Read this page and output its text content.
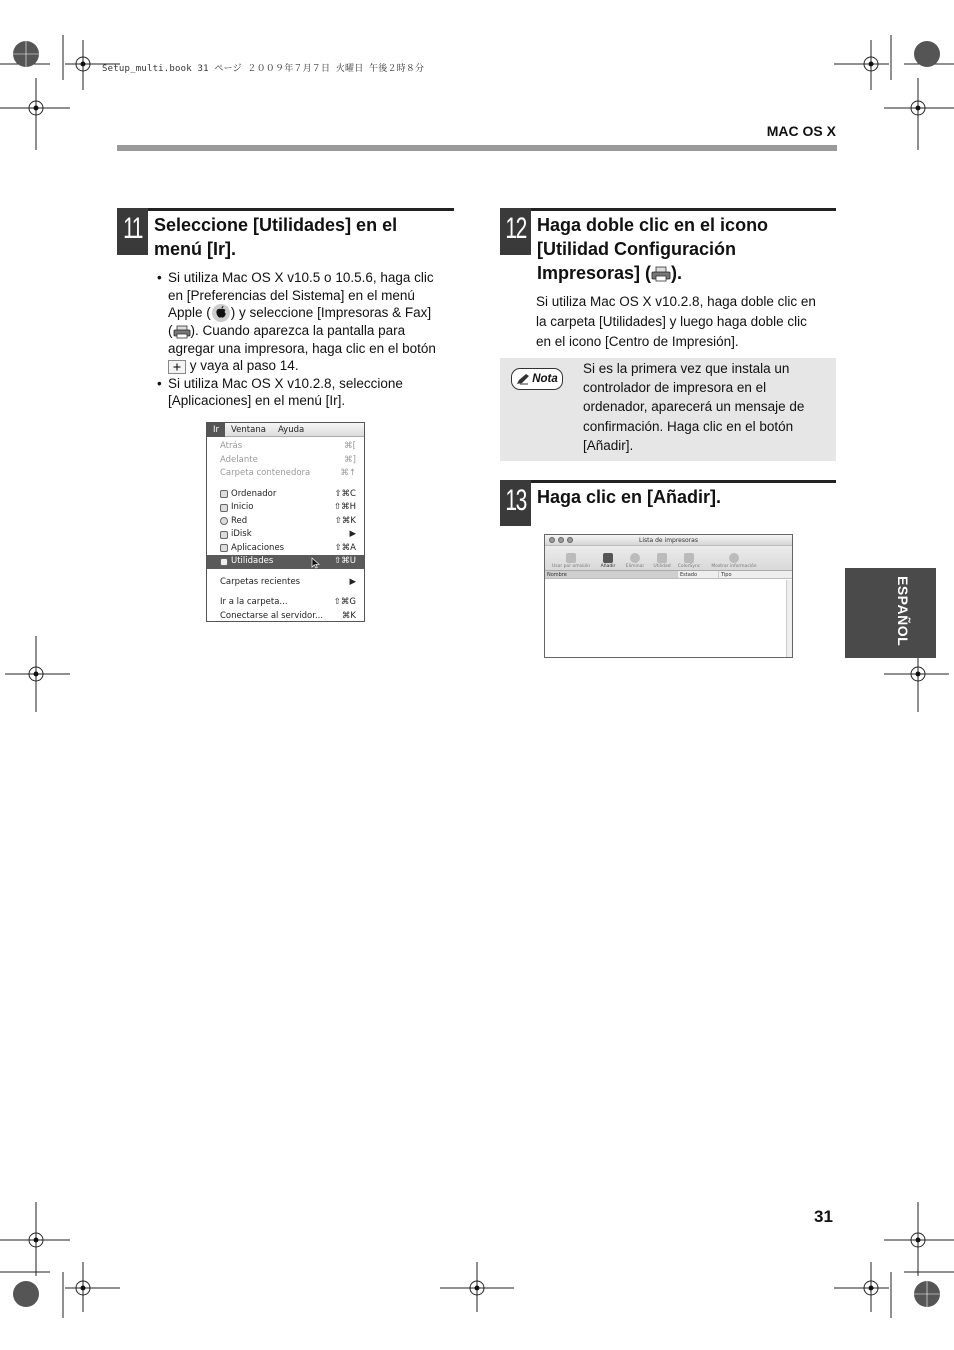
Setup_multi.book 31 ページ ２００９年７月７日 火曜日 午後２時８分
MAC OS X
11 Seleccione [Utilidades] en el
menú [Ir].
• Si utiliza Mac OS X v10.5 o 10.5.6, haga clic
en [Preferencias del Sistema] en el menú
Apple ( ) y seleccione [Impresoras & Fax]
( ). Cuando aparezca la pantalla para
agregar una impresora, haga clic en el botón
y vaya al paso 14.
• Si utiliza Mac OS X v10.2.8, seleccione
[Aplicaciones] en el menú [Ir].
Ir	Ventana	Ayuda
Atrás	⌘[
Adelante	⌘]
Carpeta contenedora	⌘↑
Ordenador	⇧⌘C
Inicio	⇧⌘H
Red	⇧⌘K
iDisk	▶
Aplicaciones	⇧⌘A
Utilidades	⇧⌘U
Carpetas recientes	▶
Ir a la carpeta...	⇧⌘G
Conectarse al servidor... ⌘K
12 Haga doble clic en el icono
[Utilidad Configuración
Impresoras] ( ).
Si utiliza Mac OS X v10.2.8, haga doble clic en
la carpeta [Utilidades] y luego haga doble clic
en el icono [Centro de Impresión].
Nota
Si es la primera vez que instala un
controlador de impresora en el
ordenador, aparecerá un mensaje de
confirmación. Haga clic en el botón
[Añadir].
13 Haga clic en [Añadir].
Lista de impresoras
Usar por omisión	Añadir	Eliminar	Utilidad	ColorSync	Mostrar información
Nombre	Estado	Tipo
ESPAÑOL
31
